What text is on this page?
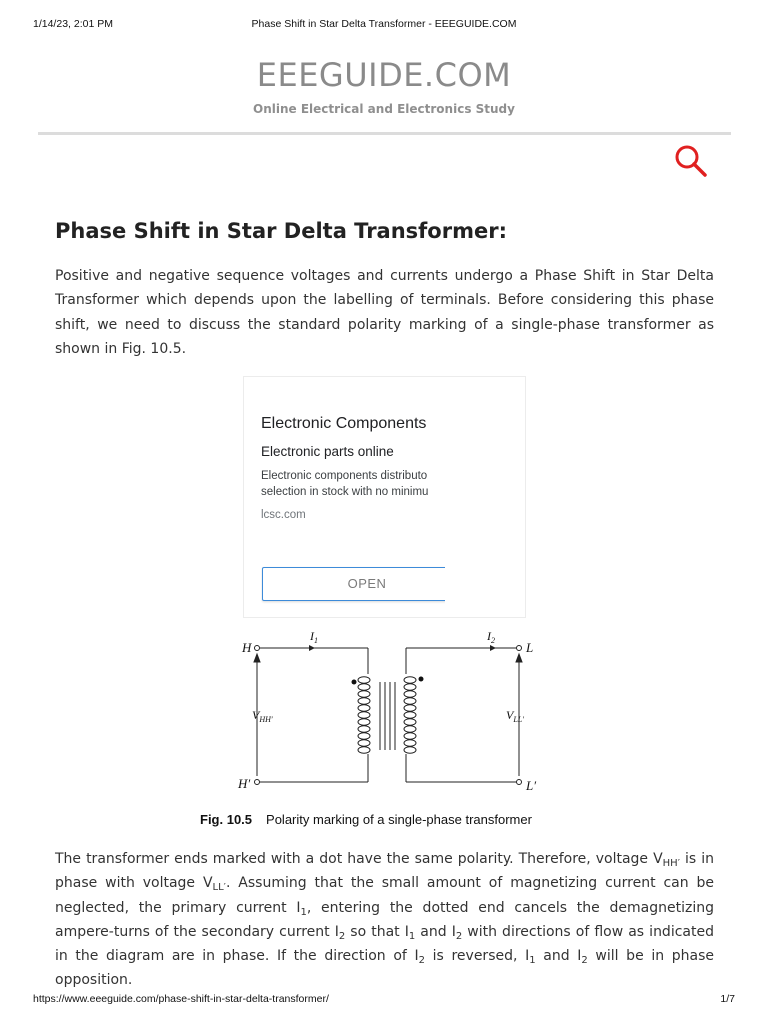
1/14/23, 2:01 PM	Phase Shift in Star Delta Transformer - EEEGUIDE.COM
EEEGUIDE.COM
Online Electrical and Electronics Study
Phase Shift in Star Delta Transformer:

Positive and negative sequence voltages and currents undergo a Phase Shift in Star Delta Transformer which depends upon the labelling of terminals. Before considering this phase shift, we need to discuss the standard polarity marking of a single-phase transformer as shown in Fig. 10.5.

Electronic Components
Electronic parts online
Electronic components distributo
selection in stock with no minimu
lcsc.com
OPEN
H
H′
L
L′
$I_1$	$I_2$
$V_{HH'}$	$V_{LL'}$
Fig. 10.5 Polarity marking of a single-phase transformer

The transformer ends marked with a dot have the same polarity. Therefore, voltage $V_{HH'}$ is in phase with voltage $V_{LL'}$. Assuming that the small amount of magnetizing current can be neglected, the primary current $I_1$, entering the dotted end cancels the demagnetizing ampere-turns of the secondary current $I_2$ so that $I_1$ and $I_2$ with directions of flow as indicated in the diagram are in phase. If the direction of $I_2$ is reversed, $I_1$ and $I_2$ will be in phase opposition.

https://www.eeeguide.com/phase-shift-in-star-delta-transformer/	1/7
